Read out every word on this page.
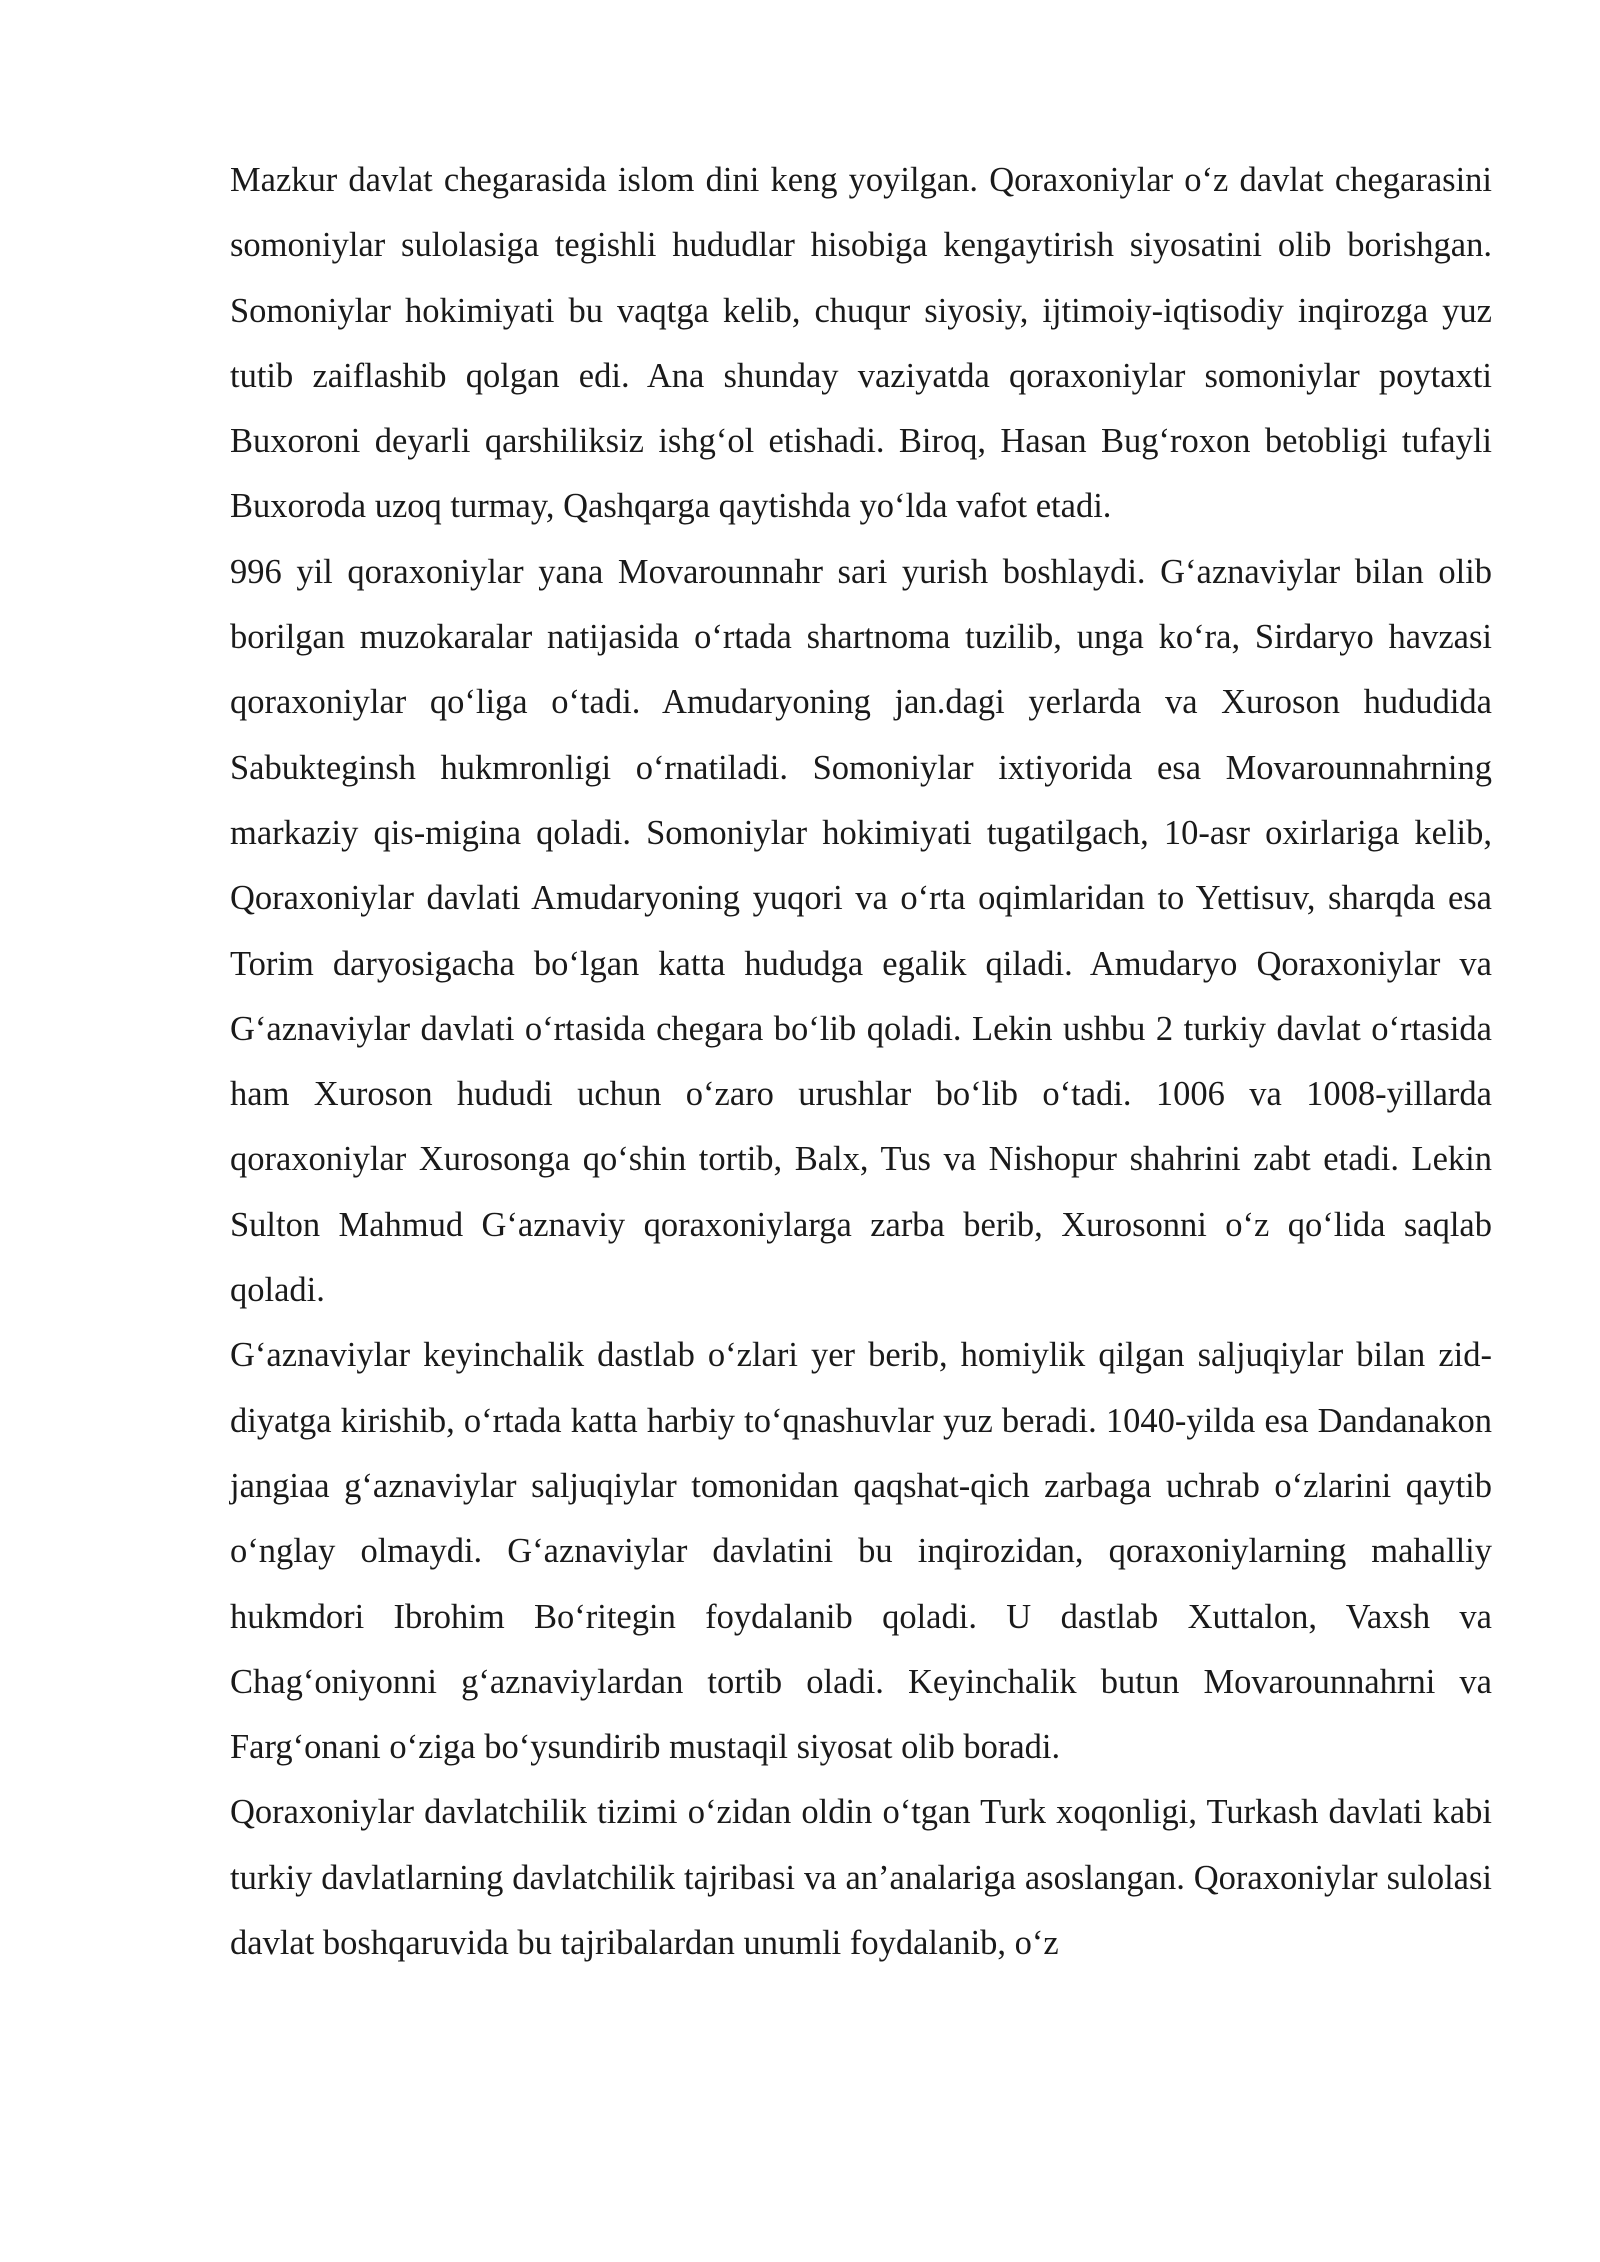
Mazkur davlat chegarasida islom dini keng yoyilgan. Qoraxoniylar o‘z davlat chegarasini somoniylar sulolasiga tegishli hududlar hisobiga kengaytirish siyosatini olib borishgan. Somoniylar hokimiyati bu vaqtga kelib, chuqur siyosiy, ijtimoiy-iqtisodiy inqirozga yuz tutib zaiflashib qolgan edi. Ana shunday vaziyatda qoraxoniylar somoniylar poytaxti Buxoroni deyarli qarshiliksiz ishg‘ol etishadi. Biroq, Hasan Bug‘roxon betobligi tufayli Buxoroda uzoq turmay, Qashqarga qaytishda yo‘lda vafot etadi.

996 yil qoraxoniylar yana Movarounnahr sari yurish boshlaydi. G‘aznaviylar bilan olib borilgan muzokaralar natijasida o‘rtada shartnoma tuzilib, unga ko‘ra, Sirdaryo havzasi qoraxoniylar qo‘liga o‘tadi. Amudaryoning jan.dagi yerlarda va Xuroson hududida Sabukteginsh hukmronligi o‘rnatiladi. Somoniylar ixtiyorida esa Movarounnahrning markaziy qis-migina qoladi. Somoniylar hokimiyati tugatilgach, 10-asr oxirlariga kelib, Qoraxoniylar davlati Amudaryoning yuqori va o‘rta oqimlaridan to Yettisuv, sharqda esa Torim daryosigacha bo‘lgan katta hududga egalik qiladi. Amudaryo Qoraxoniylar va G‘aznaviylar davlati o‘rtasida chegara bo‘lib qoladi. Lekin ushbu 2 turkiy davlat o‘rtasida ham Xuroson hududi uchun o‘zaro urushlar bo‘lib o‘tadi. 1006 va 1008-yillarda qoraxoniylar Xurosonga qo‘shin tortib, Balx, Tus va Nishopur shahrini zabt etadi. Lekin Sulton Mahmud G‘aznaviy qoraxoniylarga zarba berib, Xurosonni o‘z qo‘lida saqlab qoladi.

G‘aznaviylar keyinchalik dastlab o‘zlari yer berib, homiylik qilgan saljuqiylar bilan zid-diyatga kirishib, o‘rtada katta harbiy to‘qnashuvlar yuz beradi. 1040-yilda esa Dandanakon jangiaa g‘aznaviylar saljuqiylar tomonidan qaqshat-qich zarbaga uchrab o‘zlarini qaytib o‘nglay olmaydi. G‘aznaviylar davlatini bu inqirozidan, qoraxoniylarning mahalliy hukmdori Ibrohim Bo‘ritegin foydalanib qoladi. U dastlab Xuttalon, Vaxsh va Chag‘oniyonni g‘aznaviylardan tortib oladi. Keyinchalik butun Movarounnahrni va Farg‘onani o‘ziga bo‘ysundirib mustaqil siyosat olib boradi.

Qoraxoniylar davlatchilik tizimi o‘zidan oldin o‘tgan Turk xoqonligi, Turkash davlati kabi turkiy davlatlarning davlatchilik tajribasi va an’analariga asoslangan. Qoraxoniylar sulolasi davlat boshqaruvida bu tajribalardan unumli foydalanib, o‘z
